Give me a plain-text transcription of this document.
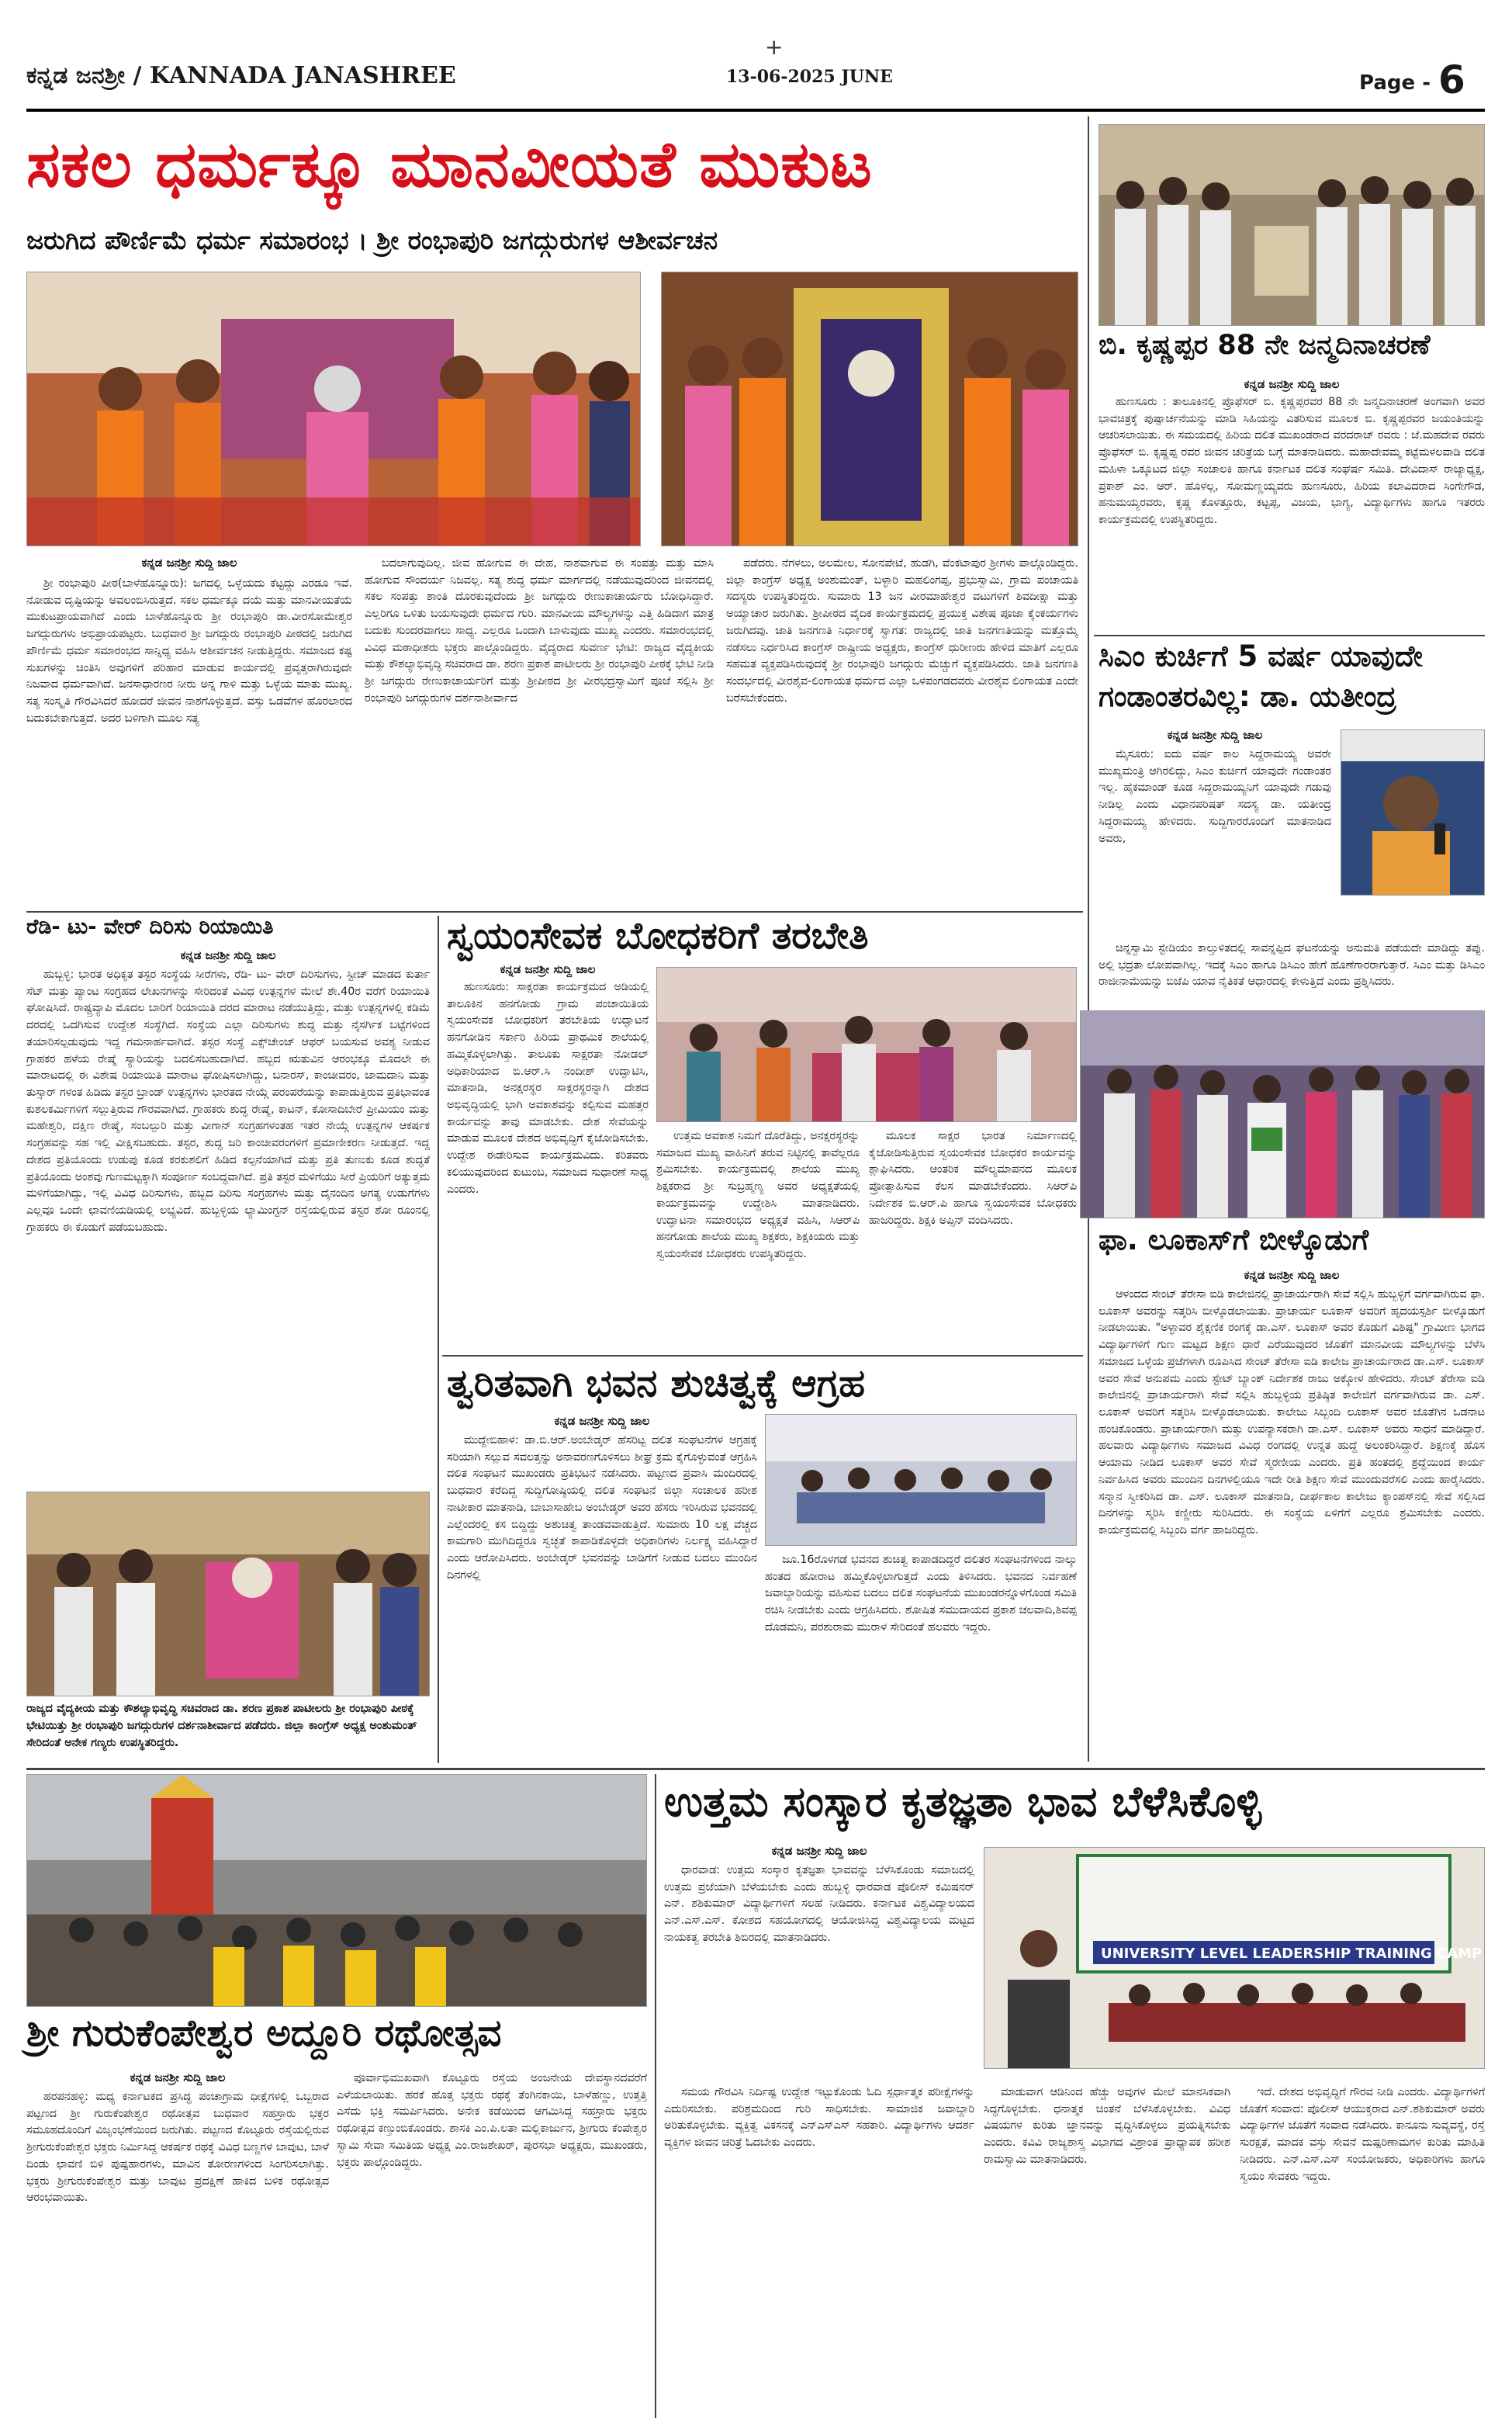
ಕನ್ನಡ ಜನಶ್ರೀ / KANNADA JANASHREE
+
13-06-2025 JUNE	Page - 6
ಸಕಲ ಧರ್ಮಕ್ಕೂ ಮಾನವೀಯತೆ ಮುಕುಟ
ಜರುಗಿದ ಪೌರ್ಣಿಮೆ ಧರ್ಮ ಸಮಾರಂಭ । ಶ್ರೀ ರಂಭಾಪುರಿ ಜಗದ್ಗುರುಗಳ ಆಶೀರ್ವಚನ
ಕನ್ನಡ ಜನಶ್ರೀ ಸುದ್ದಿ ಜಾಲ

ಶ್ರೀ ರಂಭಾಪುರಿ ಪೀಠ(ಬಾಳೆಹೊನ್ನೂರು): ಜಗದಲ್ಲಿ ಒಳ್ಳೆಯದು ಕೆಟ್ಟದ್ದು ಎರಡೂ ಇವೆ. ನೋಡುವ ದೃಷ್ಟಿಯನ್ನು ಅವಲಂಬಿಸಿರುತ್ತದೆ. ಸಕಲ ಧರ್ಮಕ್ಕೂ ದಯೆ ಮತ್ತು ಮಾನವೀಯತೆಯೆ ಮುಕುಟಪ್ರಾಯವಾಗಿದೆ ಎಂದು ಬಾಳೆಹೊನ್ನೂರು ಶ್ರೀ ರಂಭಾಪುರಿ ಡಾ.ವೀರಸೋಮೇಶ್ವರ ಜಗದ್ಗುರುಗಳು ಅಭಿಪ್ರಾಯಪಟ್ಟರು. ಬುಧವಾರ ಶ್ರೀ ಜಗದ್ಗುರು ರಂಭಾಪುರಿ ಪೀಠದಲ್ಲಿ ಜರುಗಿದ ಪೌರ್ಣಿಮೆ ಧರ್ಮ ಸಮಾರಂಭದ ಸಾನ್ನಿಧ್ಯ ವಹಿಸಿ ಆಶೀರ್ವಚನ ನೀಡುತ್ತಿದ್ದರು. ಸಮಾಜದ ಕಷ್ಟ ಸುಖಗಳನ್ನು ಚಿಂತಿಸಿ ಅವುಗಳಿಗೆ ಪರಿಹಾರ ಮಾಡುವ ಕಾರ್ಯದಲ್ಲಿ ಪ್ರವೃತ್ತರಾಗಿರುವುದೇ ನಿಜವಾದ ಧರ್ಮವಾಗಿದೆ. ಜನಸಾಧಾರಣರ ನೀರು ಅನ್ನ ಗಾಳಿ ಮತ್ತು ಒಳ್ಳೆಯ ಮಾತು ಮುಖ್ಯ. ಸತ್ಯ ಸಂಸ್ಕೃತಿ ಗೌರವಿಸಿದರೆ ಹೋದರೆ ಜೀವನ ನಾಶಗೊಳ್ಳುತ್ತದೆ. ವಸ್ತು ಒಡವೆಗಳ ಹೊರಲಾರದ ಬದುಕಬೇಕಾಗುತ್ತದೆ. ಅದರ ಬಳಿಗಾಗಿ ಮೂಲ ಸತ್ಯ

ಬದಲಾಗುವುದಿಲ್ಲ. ಜೀವ ಹೋಗುವ ಈ ದೇಹ, ನಾಶವಾಗುವ ಈ ಸಂಪತ್ತು ಮತ್ತು ಮಾಸಿ ಹೋಗುವ ಸೌಂದರ್ಯ ನಿಜವಲ್ಲ. ಸತ್ಯ ಶುದ್ಧ ಧರ್ಮ ಮಾರ್ಗದಲ್ಲಿ ನಡೆಯುವುದರಿಂದ ಜೀವನದಲ್ಲಿ ಸಕಲ ಸಂಪತ್ತು ಶಾಂತಿ ದೊರಕುವುದೆಂದು ಶ್ರೀ ಜಗದ್ಗುರು ರೇಣುಕಾಚಾರ್ಯರು ಬೋಧಿಸಿದ್ದಾರೆ. ಎಲ್ಲರಿಗೂ ಒಳಿತು ಬಯಸುವುದೇ ಧರ್ಮದ ಗುರಿ. ಮಾನವೀಯ ಮೌಲ್ಯಗಳನ್ನು ಎತ್ತಿ ಹಿಡಿದಾಗ ಮಾತ್ರ ಬದುಕು ಸುಂದರವಾಗಲು ಸಾಧ್ಯ. ಎಲ್ಲರೂ ಒಂದಾಗಿ ಬಾಳುವುದು ಮುಖ್ಯ ಎಂದರು. ಸಮಾರಂಭದಲ್ಲಿ ವಿವಿಧ ಮಠಾಧೀಶರು ಭಕ್ತರು ಪಾಲ್ಗೊಂಡಿದ್ದರು. ವೈದ್ಯರಾದ ಸುವರ್ಣ ಭೇಟಿ: ರಾಜ್ಯದ ವೈದ್ಯಕೀಯ ಮತ್ತು ಕೌಶಲ್ಯಾಭಿವೃದ್ಧಿ ಸಚಿವರಾದ ಡಾ. ಶರಣ ಪ್ರಕಾಶ ಪಾಟೀಲರು ಶ್ರೀ ರಂಭಾಪುರಿ ಪೀಠಕ್ಕೆ ಭೇಟಿ ನೀಡಿ ಶ್ರೀ ಜಗದ್ಗುರು ರೇಣುಕಾಚಾರ್ಯರಿಗೆ ಮತ್ತು ಶ್ರೀಪೀಠದ ಶ್ರೀ ವೀರಭದ್ರಸ್ವಾಮಿಗೆ ಪೂಜೆ ಸಲ್ಲಿಸಿ ಶ್ರೀ ರಂಭಾಪುರಿ ಜಗದ್ಗುರುಗಳ ದರ್ಶನಾಶೀರ್ವಾದ

ಪಡೆದರು. ನೆಗಳಲು, ಅಲಮೇಲ, ಸೋನಪೇಟೆ, ಹುಡಗಿ, ವೆಂಕಟಾಪುರ ಶ್ರೀಗಳು ಪಾಲ್ಗೊಂಡಿದ್ದರು. ಜಿಲ್ಲಾ ಕಾಂಗ್ರೆಸ್ ಅಧ್ಯಕ್ಷ ಅಂಶುಮಂತ್, ಬಳ್ಳಾರಿ ಮಹಲಿಂಗಪ್ಪ, ಪ್ರಭುಸ್ವಾಮಿ, ಗ್ರಾಮ ಪಂಚಾಯತಿ ಸದಸ್ಯರು ಉಪಸ್ಥಿತರಿದ್ದರು. ಸುಮಾರು 13 ಜನ ವೀರಮಾಹೇಶ್ವರ ವಟುಗಳಿಗೆ ಶಿವದೀಕ್ಷಾ ಮತ್ತು ಅಯ್ಯಾಚಾರ ಜರುಗಿತು. ಶ್ರೀಪೀಠದ ವೈದಿಕ ಕಾರ್ಯಕ್ರಮದಲ್ಲಿ ಪ್ರಯುಕ್ತ ವಿಶೇಷ ಪೂಜಾ ಕೈಂಕರ್ಯಗಳು ಜರುಗಿದವು. ಜಾತಿ ಜನಗಣತಿ ನಿರ್ಧಾರಕ್ಕೆ ಸ್ವಾಗತ: ರಾಜ್ಯದಲ್ಲಿ ಜಾತಿ ಜನಗಣತಿಯನ್ನು ಮತ್ತೊಮ್ಮೆ ನಡೆಸಲು ನಿರ್ಧರಿಸಿದ ಕಾಂಗ್ರೆಸ್ ರಾಷ್ಟ್ರೀಯ ಅಧ್ಯಕ್ಷರು, ಕಾಂಗ್ರೆಸ್ ಧುರೀಣರು ಹೇಳಿದ ಮಾತಿಗೆ ಎಲ್ಲರೂ ಸಹಮತ ವ್ಯಕ್ತಪಡಿಸಿರುವುದಕ್ಕೆ ಶ್ರೀ ರಂಭಾಪುರಿ ಜಗದ್ಗುರು ಮೆಚ್ಚುಗೆ ವ್ಯಕ್ತಪಡಿಸಿದರು. ಜಾತಿ ಜನಗಣತಿ ಸಂದರ್ಭದಲ್ಲಿ ವೀರಶೈವ-ಲಿಂಗಾಯತ ಧರ್ಮದ ಎಲ್ಲಾ ಒಳಪಂಗಡದವರು ವೀರಶೈವ ಲಿಂಗಾಯತ ಎಂದೇ ಬರೆಸಬೇಕೆಂದರು.

ಬಿ. ಕೃಷ್ಣಪ್ಪರ 88 ನೇ ಜನ್ಮದಿನಾಚರಣೆ
ಕನ್ನಡ ಜನಶ್ರೀ ಸುದ್ದಿ ಜಾಲ

ಹುಣಸೂರು : ತಾಲೂಕಿನಲ್ಲಿ ಪ್ರೊಫೆಸರ್ ಬಿ. ಕೃಷ್ಣಪ್ಪರವರ 88 ನೇ ಜನ್ಮದಿನಾಚರಣೆ ಅಂಗವಾಗಿ ಅವರ ಭಾವಚಿತ್ರಕ್ಕೆ ಪುಷ್ಪಾರ್ಚನೆಯನ್ನು ಮಾಡಿ ಸಿಹಿಯನ್ನು ವಿತರಿಸುವ ಮೂಲಕ ಬಿ. ಕೃಷ್ಣಪ್ಪರವರ ಜಯಂತಿಯನ್ನು ಆಚರಿಸಲಾಯಿತು. ಈ ಸಮಯದಲ್ಲಿ ಹಿರಿಯ ದಲಿತ ಮುಖಂಡರಾದ ವರದರಾಜ್ ರವರು : ಜೆ.ಮಹದೇವ ರವರು ಪ್ರೊಫೆಸರ್ ಬಿ. ಕೃಷ್ಣಪ್ಪ ರವರ ಜೀವನ ಚರಿತ್ರೆಯ ಬಗ್ಗೆ ಮಾತನಾಡಿದರು. ಮಹಾದೇವಮ್ಮ ಕಟ್ಟೆಮಳಲವಾಡಿ ದಲಿತ ಮಹಿಳಾ ಒಕ್ಕೂಟದ ಜಿಲ್ಲಾ ಸಂಚಾಲಕಿ ಹಾಗೂ ಕರ್ನಾಟಕ ದಲಿತ ಸಂಘರ್ಷ ಸಮಿತಿ. ದೇವಿದಾಸ್ ರಾಜ್ಯಾಧ್ಯಕ್ಷ, ಪ್ರಕಾಶ್ ಎಂ. ಆರ್. ಹೊಳಲ್ಲ, ಸೋಮಣ್ಣಯ್ಯವರು ಹುಣಸೂರು, ಹಿರಿಯ ಕಲಾವಿದರಾದ ಸಿಂಗೇಗೌಡ, ಹನುಮಯ್ಯರವರು, ಕೃಷ್ಣ ಕೊಳತ್ತೂರು, ಕಟ್ಟಪ್ಪ, ವಿಜಯ, ಭಾಗ್ಯ, ವಿದ್ಯಾರ್ಥಿಗಳು ಹಾಗೂ ಇತರರು ಕಾರ್ಯಕ್ರಮದಲ್ಲಿ ಉಪಸ್ಥಿತರಿದ್ದರು.

ಸಿಎಂ ಕುರ್ಚಿಗೆ 5 ವರ್ಷ ಯಾವುದೇ
ಗಂಡಾಂತರವಿಲ್ಲ: ಡಾ. ಯತೀಂದ್ರ
ಕನ್ನಡ ಜನಶ್ರೀ ಸುದ್ದಿ ಜಾಲ

ಮೈಸೂರು: ಐದು ವರ್ಷ ಕಾಲ ಸಿದ್ದರಾಮಯ್ಯ ಅವರೇ ಮುಖ್ಯಮಂತ್ರಿ ಆಗಿರಲಿದ್ದು, ಸಿಎಂ ಕುರ್ಚಿಗೆ ಯಾವುದೇ ಗಂಡಾಂತರ ಇಲ್ಲ. ಹೈಕಮಾಂಡ್ ಕೂಡ ಸಿದ್ದರಾಮಯ್ಯನಿಗೆ ಯಾವುದೇ ಗಡುವು ನೀಡಿಲ್ಲ ಎಂದು ವಿಧಾನಪರಿಷತ್ ಸದಸ್ಯ ಡಾ. ಯತೀಂದ್ರ ಸಿದ್ದರಾಮಯ್ಯ ಹೇಳಿದರು. ಸುದ್ದಿಗಾರರೊಂದಿಗೆ ಮಾತನಾಡಿದ ಅವರು,

ಚಿನ್ನಸ್ವಾಮಿ ಸ್ಟೇಡಿಯಂ ಕಾಲ್ತುಳಿತದಲ್ಲಿ ಸಾವನ್ನಪ್ಪಿದ ಘಟನೆಯನ್ನು ಅನುಮತಿ ಪಡೆಯದೇ ಮಾಡಿದ್ದು ತಪ್ಪು. ಅಲ್ಲಿ ಭದ್ರತಾ ಲೋಪವಾಗಿಲ್ಲ. ಇದಕ್ಕೆ ಸಿಎಂ ಹಾಗೂ ಡಿಸಿಎಂ ಹೇಗೆ ಹೊಣೆಗಾರರಾಗುತ್ತಾರೆ. ಸಿಎಂ ಮತ್ತು ಡಿಸಿಎಂ ರಾಜೀನಾಮೆಯನ್ನು ಬಿಜೆಪಿ ಯಾವ ನೈತಿಕತೆ ಆಧಾರದಲ್ಲಿ ಕೇಳುತ್ತಿದೆ ಎಂದು ಪ್ರಶ್ನಿಸಿದರು.

ಫಾ. ಲೂಕಾಸ್‌ಗೆ ಬೀಳ್ಕೊಡುಗೆ
ಕನ್ನಡ ಜನಶ್ರೀ ಸುದ್ದಿ ಜಾಲ

ಆಳಂದದ ಸೇಂಟ್ ತೆರೇಸಾ ಐಡಿ ಕಾಲೇಜಿನಲ್ಲಿ ಪ್ರಾಚಾರ್ಯರಾಗಿ ಸೇವೆ ಸಲ್ಲಿಸಿ ಹುಬ್ಬಳ್ಳಿಗೆ ವರ್ಗವಾಗಿರುವ ಫಾ. ಲೂಕಾಸ್ ಅವರನ್ನು ಸತ್ಕರಿಸಿ ಬೀಳ್ಕೊಡಲಾಯಿತು. ಪ್ರಾಚಾರ್ಯ ಲೂಕಾಸ್ ಅವರಿಗೆ ಹೃದಯಸ್ಪರ್ಶಿ ಬೀಳ್ಕೊಡುಗೆ ನೀಡಲಾಯಿತು. "ಅಳ್ಳಾವರ ಶೈಕ್ಷಣಿಕ ರಂಗಕ್ಕೆ ಡಾ.ಎಸ್. ಲೂಕಾಸ್ ಅವರ ಕೊಡುಗೆ ವಿಶಿಷ್ಟ" ಗ್ರಾಮೀಣ ಭಾಗದ ವಿದ್ಯಾರ್ಥಿಗಳಿಗೆ ಗುಣ ಮಟ್ಟದ ಶಿಕ್ಷಣ ಧಾರೆ ಎರೆಯುವುದರ ಜೊತೆಗೆ ಮಾನವೀಯ ಮೌಲ್ಯಗಳನ್ನು ಬೆಳೆಸಿ ಸಮಾಜದ ಒಳ್ಳೆಯ ಪ್ರಜೆಗಳಾಗಿ ರೂಪಿಸಿದ ಸೇಂಟ್ ತೆರೇಸಾ ಐಡಿ ಕಾಲೇಜ ಪ್ರಾಚಾರ್ಯರಾದ ಡಾ.ಎಸ್. ಲೂಕಾಸ್ ಅವರ ಸೇವೆ ಅನುಪಮ ಎಂದು ಸ್ಟೇಟ್ ಬ್ಯಾಂಕ್ ನಿರ್ದೇಶಕ ರಾಜು ಅಕ್ಕೋಳ ಹೇಳಿದರು. ಸೇಂಟ್ ತೆರೇಸಾ ಐಡಿ ಕಾಲೇಜಿನಲ್ಲಿ ಪ್ರಾಚಾರ್ಯರಾಗಿ ಸೇವೆ ಸಲ್ಲಿಸಿ ಹುಬ್ಬಳ್ಳಿಯ ಪ್ರತಿಷ್ಠಿತ ಕಾಲೇಜಿಗೆ ವರ್ಗವಾಗಿರುವ ಡಾ. ಎಸ್. ಲೂಕಾಸ್ ಅವರಿಗೆ ಸತ್ಕರಿಸಿ ಬೀಳ್ಕೊಡಲಾಯಿತು. ಕಾಲೇಜು ಸಿಬ್ಬಂದಿ ಲೂಕಾಸ್ ಅವರ ಜೊತೆಗಿನ ಒಡನಾಟ ಹಂಚಿಕೊಂಡರು. ಪ್ರಾಚಾರ್ಯರಾಗಿ ಮತ್ತು ಉಪನ್ಯಾಸಕರಾಗಿ ಡಾ.ಎಸ್. ಲೂಕಾಸ್ ಅವರು ಸಾಧನೆ ಮಾಡಿದ್ದಾರೆ. ಹಲವಾರು ವಿದ್ಯಾರ್ಥಿಗಳು ಸಮಾಜದ ವಿವಿಧ ರಂಗದಲ್ಲಿ ಉನ್ನತ ಹುದ್ದೆ ಅಲಂಕರಿಸಿದ್ದಾರೆ. ಶಿಕ್ಷಣಕ್ಕೆ ಹೊಸ ಆಯಾಮ ನೀಡಿದ ಲೂಕಾಸ್ ಅವರ ಸೇವೆ ಸ್ಮರಣೀಯ ಎಂದರು. ಪ್ರತಿ ಹಂತದಲ್ಲಿ ಶ್ರದ್ಧೆಯಿಂದ ಕಾರ್ಯ ನಿರ್ವಹಿಸಿದ ಅವರು ಮುಂದಿನ ದಿನಗಳಲ್ಲಿಯೂ ಇದೇ ರೀತಿ ಶಿಕ್ಷಣ ಸೇವೆ ಮುಂದುವರೆಸಲಿ ಎಂದು ಹಾರೈಸಿದರು. ಸನ್ಮಾನ ಸ್ವೀಕರಿಸಿದ ಡಾ. ಎಸ್. ಲೂಕಾಸ್ ಮಾತನಾಡಿ, ದೀರ್ಘಕಾಲ ಕಾಲೇಜು ಕ್ಯಾಂಪಸ್‌ನಲ್ಲಿ ಸೇವೆ ಸಲ್ಲಿಸಿದ ದಿನಗಳನ್ನು ಸ್ಮರಿಸಿ ಕಣ್ಣೀರು ಸುರಿಸಿದರು. ಈ ಸಂಸ್ಥೆಯ ಏಳಿಗೆಗೆ ಎಲ್ಲರೂ ಶ್ರಮಿಸಬೇಕು ಎಂದರು. ಕಾರ್ಯಕ್ರಮದಲ್ಲಿ ಸಿಬ್ಬಂದಿ ವರ್ಗ ಹಾಜರಿದ್ದರು.

ರೆಡಿ- ಟು- ವೇರ್ ದಿರಿಸು ರಿಯಾಯಿತಿ
ಕನ್ನಡ ಜನಶ್ರೀ ಸುದ್ದಿ ಜಾಲ

ಹುಬ್ಬಳ್ಳಿ: ಭಾರತ ಅಧಿಕೃತ ತಸ್ಟರ ಸಂಸ್ಥೆಯ ಸೀರೆಗಳು, ರೆಡಿ- ಟು- ವೇರ್ ದಿರಿಸುಗಳು, ಸ್ಟೀಚ್ ಮಾಡದ ಕುರ್ತಾ ಸೆಟ್ ಮತ್ತು ಪ್ಯಾಂಟ ಸಂಗ್ರಹದ ಲೇಖನಗಳನ್ನು ಸೇರಿದಂತೆ ವಿವಿಧ ಉತ್ಪನ್ನಗಳ ಮೇಲೆ ಶೇ.40ರ ವರೆಗೆ ರಿಯಾಯಿತಿ ಘೋಷಿಸಿದೆ. ರಾಷ್ಟ್ರವ್ಯಾಪಿ ಮೊದಲ ಬಾರಿಗೆ ರಿಯಾಯಿತಿ ದರದ ಮಾರಾಟ ನಡೆಯುತ್ತಿದ್ದು, ಮತ್ತು ಉತ್ಪನ್ನಗಳಲ್ಲಿ ಕಡಿಮೆ ದರದಲ್ಲಿ ಒದಗಿಸುವ ಉದ್ದೇಶ ಸಂಸ್ಥೆಗಿದೆ. ಸಂಸ್ಥೆಯ ಎಲ್ಲಾ ದಿರಿಸುಗಳು ಶುದ್ಧ ಮತ್ತು ನೈಸರ್ಗಿಕ ಬಟ್ಟೆಗಳಿಂದ ತಯಾರಿಸಲ್ಪಡುವುದು ಇದ್ದ ಗಮನಾರ್ಹವಾಗಿದೆ. ತಸ್ಟರ ಸಂಸ್ಥೆ ಎಕ್ಸ್‌ಚೇಂಜ್ ಆಫರ್ ಬಯಸುವ ಅವಶ್ಯ ನೀಡುವ ಗ್ರಾಹಕರ ಹಳೆಯ ರೇಷ್ಮೆ ಸ್ಯಾರಿಯನ್ನು ಬದಲಿಸಬಹುದಾಗಿದೆ. ಹಬ್ಬದ ಋತುವಿನ ಆರಂಭಕ್ಕೂ ಮೊದಲೇ ಈ ಮಾರಾಟದಲ್ಲಿ ಈ ವಿಶೇಷ ರಿಯಾಯಿತಿ ಮಾರಾಟ ಘೋಷಿಸಲಾಗಿದ್ದು, ಬನಾರಸ್, ಕಾಂಚೀವರಂ, ಜಾಮದಾನಿ ಮತ್ತು ತುಸ್ಸಾರ್ ಗಳಂತ ಹಿಡಿದು ತಸ್ಟರ ಬ್ರಾಂಡ್ ಉತ್ಪನ್ನಗಳು ಭಾರತದ ನೇಯ್ಗೆ ಪರಂಪರೆಯನ್ನು ಕಾಪಾಡುತ್ತಿರುವ ಪ್ರತಿಭಾವಂತ ಕುಶಲಕರ್ಮಿಗಳಿಗೆ ಸಲ್ಲುತ್ತಿರುವ ಗೌರವವಾಗಿದೆ. ಗ್ರಾಹಕರು ಶುದ್ಧ ರೇಷ್ಮೆ, ಕಾಟನ್, ಕೋಸಾದಿಬೇರೆ ಪ್ರೀಮಿಯಂ ಮತ್ತು ಮಹೇಶ್ವರಿ, ದಕ್ಷಿಣ ರೇಷ್ಮೆ, ಸಂಬಲ್ಪುರಿ ಮತ್ತು ವೀಗಾನ್ ಸಂಗ್ರಹಗಳಂತಹ ಇತರ ನೇಯ್ಗೆ ಉತ್ಪನ್ನಗಳ ಆಕರ್ಷಕ ಸಂಗ್ರಹವನ್ನು ಸಹ ಇಲ್ಲಿ ವೀಕ್ಷಿಸಬಹುದು. ತಸ್ಟರ, ಶುದ್ಧ ಜರಿ ಕಾಂಚೀವರಂಗಳಿಗೆ ಪ್ರಮಾಣೀಕರಣ ನೀಡುತ್ತದೆ. ಇದ್ದ ದೇಶದ ಪ್ರತಿಯೊಂದು ಉಡುಪು ಕೂಡ ಕರಕುಶಲಿಗೆ ಹಿಡಿದ ಕಲ್ಪನೆಯಾಗಿದೆ ಮತ್ತು ಪ್ರತಿ ತುಣುಕು ಕೂಡ ಶುದ್ಧತೆ ಪ್ರತಿಯೊಂದು ಅಂಶವು ಗುಣಮಟ್ಟಕ್ಕಾಗಿ ಸಂಪೂರ್ಣ ಸಂಬದ್ಧವಾಗಿದೆ. ಪ್ರತಿ ತಸ್ಟರ ಮಳಿಗೆಯು ಸೀರೆ ಪ್ರಿಯರಿಗೆ ಅತ್ಯುತ್ತಮ ಮಳಿಗೆಯಾಗಿದ್ದು, ಇಲ್ಲಿ ವಿವಿಧ ದಿರಿಸುಗಳು, ಹಬ್ಬದ ದಿರಿಸು ಸಂಗ್ರಹಗಳು ಮತ್ತು ದೈನಂದಿನ ಅಗತ್ಯ ಉಡುಗೆಗಳು ಎಲ್ಲವೂ ಒಂದೇ ಛಾವಣಿಯಡಿಯಲ್ಲಿ ಲಭ್ಯವಿದೆ. ಹುಬ್ಬಳ್ಳಿಯ ಲ್ಯಾಮಿಂಗ್ಟನ್ ರಸ್ತೆಯಲ್ಲಿರುವ ತಸ್ಟರ ಶೋ ರೂಂನಲ್ಲಿ ಗ್ರಾಹಕರು ಈ ಕೊಡುಗೆ ಪಡೆಯಬಹುದು.

ರಾಜ್ಯದ ವೈದ್ಯಕೀಯ ಮತ್ತು ಕೌಶಲ್ಯಾಭಿವೃದ್ಧಿ ಸಚಿವರಾದ ಡಾ. ಶರಣ ಪ್ರಕಾಶ ಪಾಟೀಲರು ಶ್ರೀ ರಂಭಾಪುರಿ ಪೀಠಕ್ಕೆ ಭೇಟಿಯಿತ್ತು ಶ್ರೀ ರಂಭಾಪುರಿ ಜಗದ್ಗುರುಗಳ ದರ್ಶನಾಶೀರ್ವಾದ ಪಡೆದರು. ಜಿಲ್ಲಾ ಕಾಂಗ್ರೆಸ್ ಅಧ್ಯಕ್ಷ ಅಂಶುಮಂತ್ ಸೇರಿದಂತೆ ಅನೇಕ ಗಣ್ಯರು ಉಪಸ್ಥಿತರಿದ್ದರು.
ಸ್ವಯಂಸೇವಕ ಬೋಧಕರಿಗೆ ತರಬೇತಿ
ಕನ್ನಡ ಜನಶ್ರೀ ಸುದ್ದಿ ಜಾಲ

ಹುಣಸೂರು: ಸಾಕ್ಷರತಾ ಕಾರ್ಯಕ್ರಮದ ಅಡಿಯಲ್ಲಿ ತಾಲೂಕಿನ ಹನಗೋಡು ಗ್ರಾಮ ಪಂಚಾಯಿತಿಯ ಸ್ವಯಂಸೇವಕ ಬೋಧಕರಿಗೆ ತರಬೇತಿಯ ಉದ್ಘಾಟನೆ ಹನಗೋಡಿನ ಸರ್ಕಾರಿ ಹಿರಿಯ ಪ್ರಾಥಮಿಕ ಶಾಲೆಯಲ್ಲಿ ಹಮ್ಮಿಕೊಳ್ಳಲಾಗಿತ್ತು. ತಾಲೂಕು ಸಾಕ್ಷರತಾ ನೋಡಲ್ ಅಧಿಕಾರಿಯಾದ ಬಿ.ಆರ್.ಸಿ ನಂದೀಶ್ ಉದ್ಘಾಟಿಸಿ, ಮಾತನಾಡಿ, ಅನಕ್ಷರಸ್ಥರ ಸಾಕ್ಷರಸ್ಥರನ್ನಾಗಿ ದೇಶದ ಅಭಿವೃದ್ಧಿಯಲ್ಲಿ ಭಾಗಿ ಅವಕಾಶವನ್ನು ಕಲ್ಪಿಸುವ ಮಹತ್ತರ ಕಾರ್ಯವನ್ನು ತಾವು ಮಾಡಬೇಕು. ದೇಶ ಸೇವೆಯನ್ನು ಮಾಡುವ ಮೂಲಕ ದೇಶದ ಅಭಿವೃದ್ಧಿಗೆ ಕೈಜೋಡಿಸಬೇಕು. ಉದ್ದೇಶ ಈಡೇರಿಸುವ ಕಾರ್ಯಕ್ರಮವಿದು. ಕರಿತವರು ಕಲಿಯುವುದರಿಂದ ಕುಟುಂಬ, ಸಮಾಜದ ಸುಧಾರಣೆ ಸಾಧ್ಯ ಎಂದರು.

ಉತ್ತಮ ಅವಕಾಶ ನಿಮಗೆ ದೊರೆತಿದ್ದು, ಅನಕ್ಷರಸ್ಥರನ್ನು ಸಮಾಜದ ಮುಖ್ಯ ವಾಹಿನಿಗೆ ತರುವ ನಿಟ್ಟಿನಲ್ಲಿ ತಾವೆಲ್ಲರೂ ಶ್ರಮಿಸಬೇಕು. ಕಾರ್ಯಕ್ರಮದಲ್ಲಿ ಶಾಲೆಯ ಮುಖ್ಯ ಶಿಕ್ಷಕರಾದ ಶ್ರೀ ಸುಬ್ರಹ್ಮಣ್ಯ ಅವರ ಅಧ್ಯಕ್ಷತೆಯಲ್ಲಿ ಕಾರ್ಯಕ್ರಮವನ್ನು ಉದ್ದೇಶಿಸಿ ಮಾತನಾಡಿದರು. ಉದ್ಘಾಟನಾ ಸಮಾರಂಭದ ಅಧ್ಯಕ್ಷತೆ ವಹಿಸಿ, ಸಿಆರ್‌ಪಿ ಹನಗೋಡು ಶಾಲೆಯ ಮುಖ್ಯ ಶಿಕ್ಷಕರು, ಶಿಕ್ಷಕಿಯರು ಮತ್ತು ಸ್ವಯಂಸೇವಕ ಬೋಧಕರು ಉಪಸ್ಥಿತರಿದ್ದರು.

ಮೂಲಕ ಸಾಕ್ಷರ ಭಾರತ ನಿರ್ಮಾಣದಲ್ಲಿ ಕೈಜೋಡಿಸುತ್ತಿರುವ ಸ್ವಯಂಸೇವಕ ಬೋಧಕರ ಕಾರ್ಯವನ್ನು ಶ್ಲಾಘಿಸಿದರು. ಆಂತರಿಕ ಮೌಲ್ಯಮಾಪನದ ಮೂಲಕ ಪ್ರೋತ್ಸಾಹಿಸುವ ಕೆಲಸ ಮಾಡಬೇಕೆಂದರು. ಸಿಆರ್‌ಪಿ ನಿರ್ದೇಶಕ ಬಿ.ಆರ್.ಪಿ ಹಾಗೂ ಸ್ವಯಂಸೇವಕ ಬೋಧಕರು ಹಾಜರಿದ್ದರು. ಶಿಕ್ಷಕಿ ಅಪ್ಸಿನ್ ವಂದಿಸಿದರು.

ತ್ವರಿತವಾಗಿ ಭವನ ಶುಚಿತ್ವಕ್ಕೆ ಆಗ್ರಹ
ಕನ್ನಡ ಜನಶ್ರೀ ಸುದ್ದಿ ಜಾಲ

ಮುದ್ದೇಬಿಹಾಳ: ಡಾ.ಬಿ.ಆರ್.ಅಂಬೇಡ್ಕರ್ ಹೆಸರಿಟ್ಟ ದಲಿತ ಸಂಘಟನೆಗಳ ಆಗ್ರಹಕ್ಕೆ ಸರಿಯಾಗಿ ಸಲ್ಲುವ ಸವಲತ್ತನ್ನು ಅನಾವರಣಗೊಳಿಸಲು ಶೀಘ್ರ ಕ್ರಮ ಕೈಗೊಳ್ಳುವಂತೆ ಆಗ್ರಹಿಸಿ ದಲಿತ ಸಂಘಟನೆ ಮುಖಂಡರು ಪ್ರತಿಭಟನೆ ನಡೆಸಿದರು. ಪಟ್ಟಣದ ಪ್ರವಾಸಿ ಮಂದಿರದಲ್ಲಿ ಬುಧವಾರ ಕರೆದಿದ್ದ ಸುದ್ದಿಗೋಷ್ಠಿಯಲ್ಲಿ ದಲಿತ ಸಂಘಟನೆ ಜಿಲ್ಲಾ ಸಂಚಾಲಕ ಹರೀಶ ನಾಟೀಕಾರ ಮಾತನಾಡಿ, ಬಾಬಾಸಾಹೇಬ ಅಂಬೇಡ್ಕರ್ ಅವರ ಹೆಸರು ಇರಿಸಿರುವ ಭವನದಲ್ಲಿ ಎಲ್ಲೆಂದರಲ್ಲಿ ಕಸ ಬಿದ್ದಿದ್ದು ಅಶುಚಿತ್ವ ತಾಂಡವವಾಡುತ್ತಿದೆ. ಸುಮಾರು 10 ಲಕ್ಷ ವೆಚ್ಚದ ಕಾಮಗಾರಿ ಮುಗಿದಿದ್ದರೂ ಸ್ವಚ್ಛತೆ ಕಾಪಾಡಿಕೊಳ್ಳದೇ ಅಧಿಕಾರಿಗಳು ನಿರ್ಲಕ್ಷ್ಯ ವಹಿಸಿದ್ದಾರೆ ಎಂದು ಆರೋಪಿಸಿದರು. ಅಂಬೇಡ್ಕರ್ ಭವನವನ್ನು ಬಾಡಿಗೆಗೆ ನೀಡುವ ಬದಲು ಮುಂದಿನ ದಿನಗಳಲ್ಲಿ

ಜೂ.16ರೊಳಗಡೆ ಭವನದ ಶುಚಿತ್ವ ಕಾಪಾಡದಿದ್ದರೆ ದಲಿತರ ಸಂಘಟನೆಗಳಿಂದ ನಾಲ್ಕು ಹಂತದ ಹೋರಾಟ ಹಮ್ಮಿಕೊಳ್ಳಲಾಗುತ್ತದೆ ಎಂದು ತಿಳಿಸಿದರು. ಭವನದ ನಿರ್ವಹಣೆ ಜವಾಬ್ದಾರಿಯನ್ನು ವಹಿಸುವ ಬದಲು ದಲಿತ ಸಂಘಟನೆಯ ಮುಖಂಡರನ್ನೊಳಗೊಂಡ ಸಮಿತಿ ರಚಿಸಿ ನೀಡಬೇಕು ಎಂದು ಆಗ್ರಹಿಸಿದರು. ಶೋಷಿತ ಸಮುದಾಯದ ಪ್ರಕಾಶ ಚಲವಾದಿ,ಶಿವಪ್ಪ ದೊಡಮನಿ, ಪರಶುರಾಮ ಮುರಾಳ ಸೇರಿದಂತೆ ಹಲವರು ಇದ್ದರು.

ಶ್ರೀ ಗುರುಕೆಂಪೇಶ್ವರ ಅದ್ದೂರಿ ರಥೋತ್ಸವ
ಕನ್ನಡ ಜನಶ್ರೀ ಸುದ್ದಿ ಜಾಲ

ಹರಪನಹಳ್ಳಿ: ಮಧ್ಯ ಕರ್ನಾಟಕದ ಪ್ರಸಿದ್ಧ ಪಂಚಾಗ್ರಾಮ ಧೀಕ್ಷೆಗಳಲ್ಲಿ ಒಬ್ಬರಾದ ಪಟ್ಟಣದ ಶ್ರೀ ಗುರುಕೆಂಪೇಶ್ವರ ರಥೋತ್ಸವ ಬುಧವಾರ ಸಹಸ್ರಾರು ಭಕ್ತರ ಸಮೂಹದೊಂದಿಗೆ ವಿಜೃಂಭಣೆಯಿಂದ ಜರುಗಿತು. ಪಟ್ಟಣದ ಕೊಟ್ಟೂರು ರಸ್ತೆಯಲ್ಲಿರುವ ಶ್ರೀಗುರುಕೆಂಪೇಶ್ವರ ಭಕ್ತರು ನಿರ್ಮಿಸಿದ್ದ ಆಕರ್ಷಕ ರಥಕ್ಕೆ ವಿವಿಧ ಬಣ್ಣಗಳ ಬಾವುಟ, ಬಾಳೆ ದಿಂಡು ಛಾವಣಿ ಬಿಳಿ ಪುಷ್ಪಹಾರಗಳು, ಮಾವಿನ ತೋರಣಗಳಿಂದ ಸಿಂಗರಿಸಲಾಗಿತ್ತು. ಭಕ್ತರು ಶ್ರೀಗುರುಕೆಂಪೇಶ್ವರ ಮತ್ತು ಬಾವುಟ ಪ್ರದಕ್ಷಿಣೆ ಹಾಕಿದ ಬಳಿಕ ರಥೋತ್ಸವ ಆರಂಭವಾಯಿತು.

ಪೂರ್ವಾಭಿಮುಖವಾಗಿ ಕೊಟ್ಟೂರು ರಸ್ತೆಯ ಅಂಜನೇಯ ದೇವಸ್ಥಾನದವರೆಗೆ ಎಳೆಯಲಾಯಿತು. ಹರಕೆ ಹೊತ್ತ ಭಕ್ತರು ರಥಕ್ಕೆ ತೆಂಗಿನಕಾಯಿ, ಬಾಳೆಹಣ್ಣು, ಉತ್ತತ್ತಿ ಎಸೆದು ಭಕ್ತಿ ಸಮರ್ಪಿಸಿದರು. ಅನೇಕ ಕಡೆಯಿಂದ ಆಗಮಿಸಿದ್ದ ಸಹಸ್ರಾರು ಭಕ್ತರು ರಥೋತ್ಸವ ಕಣ್ತುಂಬಿಕೊಂಡರು. ಶಾಸಕಿ ಎಂ.ಪಿ.ಲತಾ ಮಲ್ಲಿಕಾರ್ಜುನ, ಶ್ರೀಗುರು ಕೆಂಪೇಶ್ವರ ಸ್ವಾಮಿ ಸೇವಾ ಸಮಿತಿಯ ಅಧ್ಯಕ್ಷ ಎಂ.ರಾಜಶೇಖರ್, ಪುರಸಭಾ ಅಧ್ಯಕ್ಷರು, ಮುಖಂಡರು, ಭಕ್ತರು ಪಾಲ್ಗೊಂಡಿದ್ದರು.

ಉತ್ತಮ ಸಂಸ್ಕಾರ ಕೃತಜ್ಞತಾ ಭಾವ ಬೆಳೆಸಿಕೊಳ್ಳಿ
ಕನ್ನಡ ಜನಶ್ರೀ ಸುದ್ದಿ ಜಾಲ

ಧಾರವಾಡ: ಉತ್ತಮ ಸಂಸ್ಕಾರ ಕೃತಜ್ಞತಾ ಭಾವವನ್ನು ಬೆಳೆಸಿಕೊಂಡು ಸಮಾಜದಲ್ಲಿ ಉತ್ತಮ ಪ್ರಜೆಯಾಗಿ ಬೆಳೆಯಬೇಕು ಎಂದು ಹುಬ್ಬಳ್ಳಿ ಧಾರವಾಡ ಪೊಲೀಸ್ ಕಮಿಷನರ್ ಎನ್. ಶಶಿಕುಮಾರ್ ವಿದ್ಯಾರ್ಥಿಗಳಿಗೆ ಸಲಹೆ ನೀಡಿದರು. ಕರ್ನಾಟಕ ವಿಶ್ವವಿದ್ಯಾಲಯದ ಎನ್.ಎಸ್.ಎಸ್. ಕೋಶದ ಸಹಯೋಗದಲ್ಲಿ ಆಯೋಜಿಸಿದ್ದ ವಿಶ್ವವಿದ್ಯಾಲಯ ಮಟ್ಟದ ನಾಯಕತ್ವ ತರಬೇತಿ ಶಿಬಿರದಲ್ಲಿ ಮಾತನಾಡಿದರು.

UNIVERSITY LEVEL LEADERSHIP TRAINING CAMP

ಸಮಯ ಗೌರವಿಸಿ ನಿರ್ದಿಷ್ಟ ಉದ್ದೇಶ ಇಟ್ಟುಕೊಂಡು ಓದಿ ಸ್ಪರ್ಧಾತ್ಮಕ ಪರೀಕ್ಷೆಗಳನ್ನು ಎದುರಿಸಬೇಕು. ಪರಿಶ್ರಮದಿಂದ ಗುರಿ ಸಾಧಿಸಬೇಕು. ಸಾಮಾಜಿಕ ಜವಾಬ್ದಾರಿ ಅರಿತುಕೊಳ್ಳಬೇಕು. ವ್ಯಕ್ತಿತ್ವ ವಿಕಸನಕ್ಕೆ ಎನ್‌ಎಸ್‌ಎಸ್ ಸಹಕಾರಿ. ವಿದ್ಯಾರ್ಥಿಗಳು ಆದರ್ಶ ವ್ಯಕ್ತಿಗಳ ಜೀವನ ಚರಿತ್ರೆ ಓದಬೇಕು ಎಂದರು.

ಮಾಡುವಾಗ ಆಡಿನಿಂದ ಹೆಚ್ಚು ಅವುಗಳ ಮೇಲೆ ಮಾನಸಿಕವಾಗಿ ಸಿದ್ಧಗೊಳ್ಳಬೇಕು. ಧನಾತ್ಮಕ ಚಿಂತನೆ ಬೆಳೆಸಿಕೊಳ್ಳಬೇಕು. ವಿವಿಧ ವಿಷಯಗಳ ಕುರಿತು ಜ್ಞಾನವನ್ನು ವೃದ್ಧಿಸಿಕೊಳ್ಳಲು ಪ್ರಯತ್ನಿಸಬೇಕು ಎಂದರು. ಕವಿವಿ ರಾಜ್ಯಶಾಸ್ತ್ರ ವಿಭಾಗದ ವಿಶ್ರಾಂತ ಪ್ರಾಧ್ಯಾಪಕ ಹರೀಶ ರಾಮಸ್ವಾಮಿ ಮಾತನಾಡಿದರು.

ಇದೆ. ದೇಶದ ಅಭಿವೃದ್ಧಿಗೆ ಗೌರವ ನೀಡಿ ಎಂದರು. ವಿದ್ಯಾರ್ಥಿಗಳಿಗೆ ಜೊತೆಗೆ ಸಂವಾದ: ಪೊಲೀಸ್ ಆಯುಕ್ತರಾದ ಎನ್.ಶಶಿಕುಮಾರ್ ಅವರು ವಿದ್ಯಾರ್ಥಿಗಳ ಜೊತೆಗೆ ಸಂವಾದ ನಡೆಸಿದರು. ಕಾನೂನು ಸುವ್ಯವಸ್ಥೆ, ರಸ್ತೆ ಸುರಕ್ಷತೆ, ಮಾದಕ ವಸ್ತು ಸೇವನೆ ದುಷ್ಪರಿಣಾಮಗಳ ಕುರಿತು ಮಾಹಿತಿ ನೀಡಿದರು. ಎನ್.ಎಸ್.ಎಸ್ ಸಂಯೋಜಕರು, ಅಧಿಕಾರಿಗಳು ಹಾಗೂ ಸ್ವಯಂ ಸೇವಕರು ಇದ್ದರು.
